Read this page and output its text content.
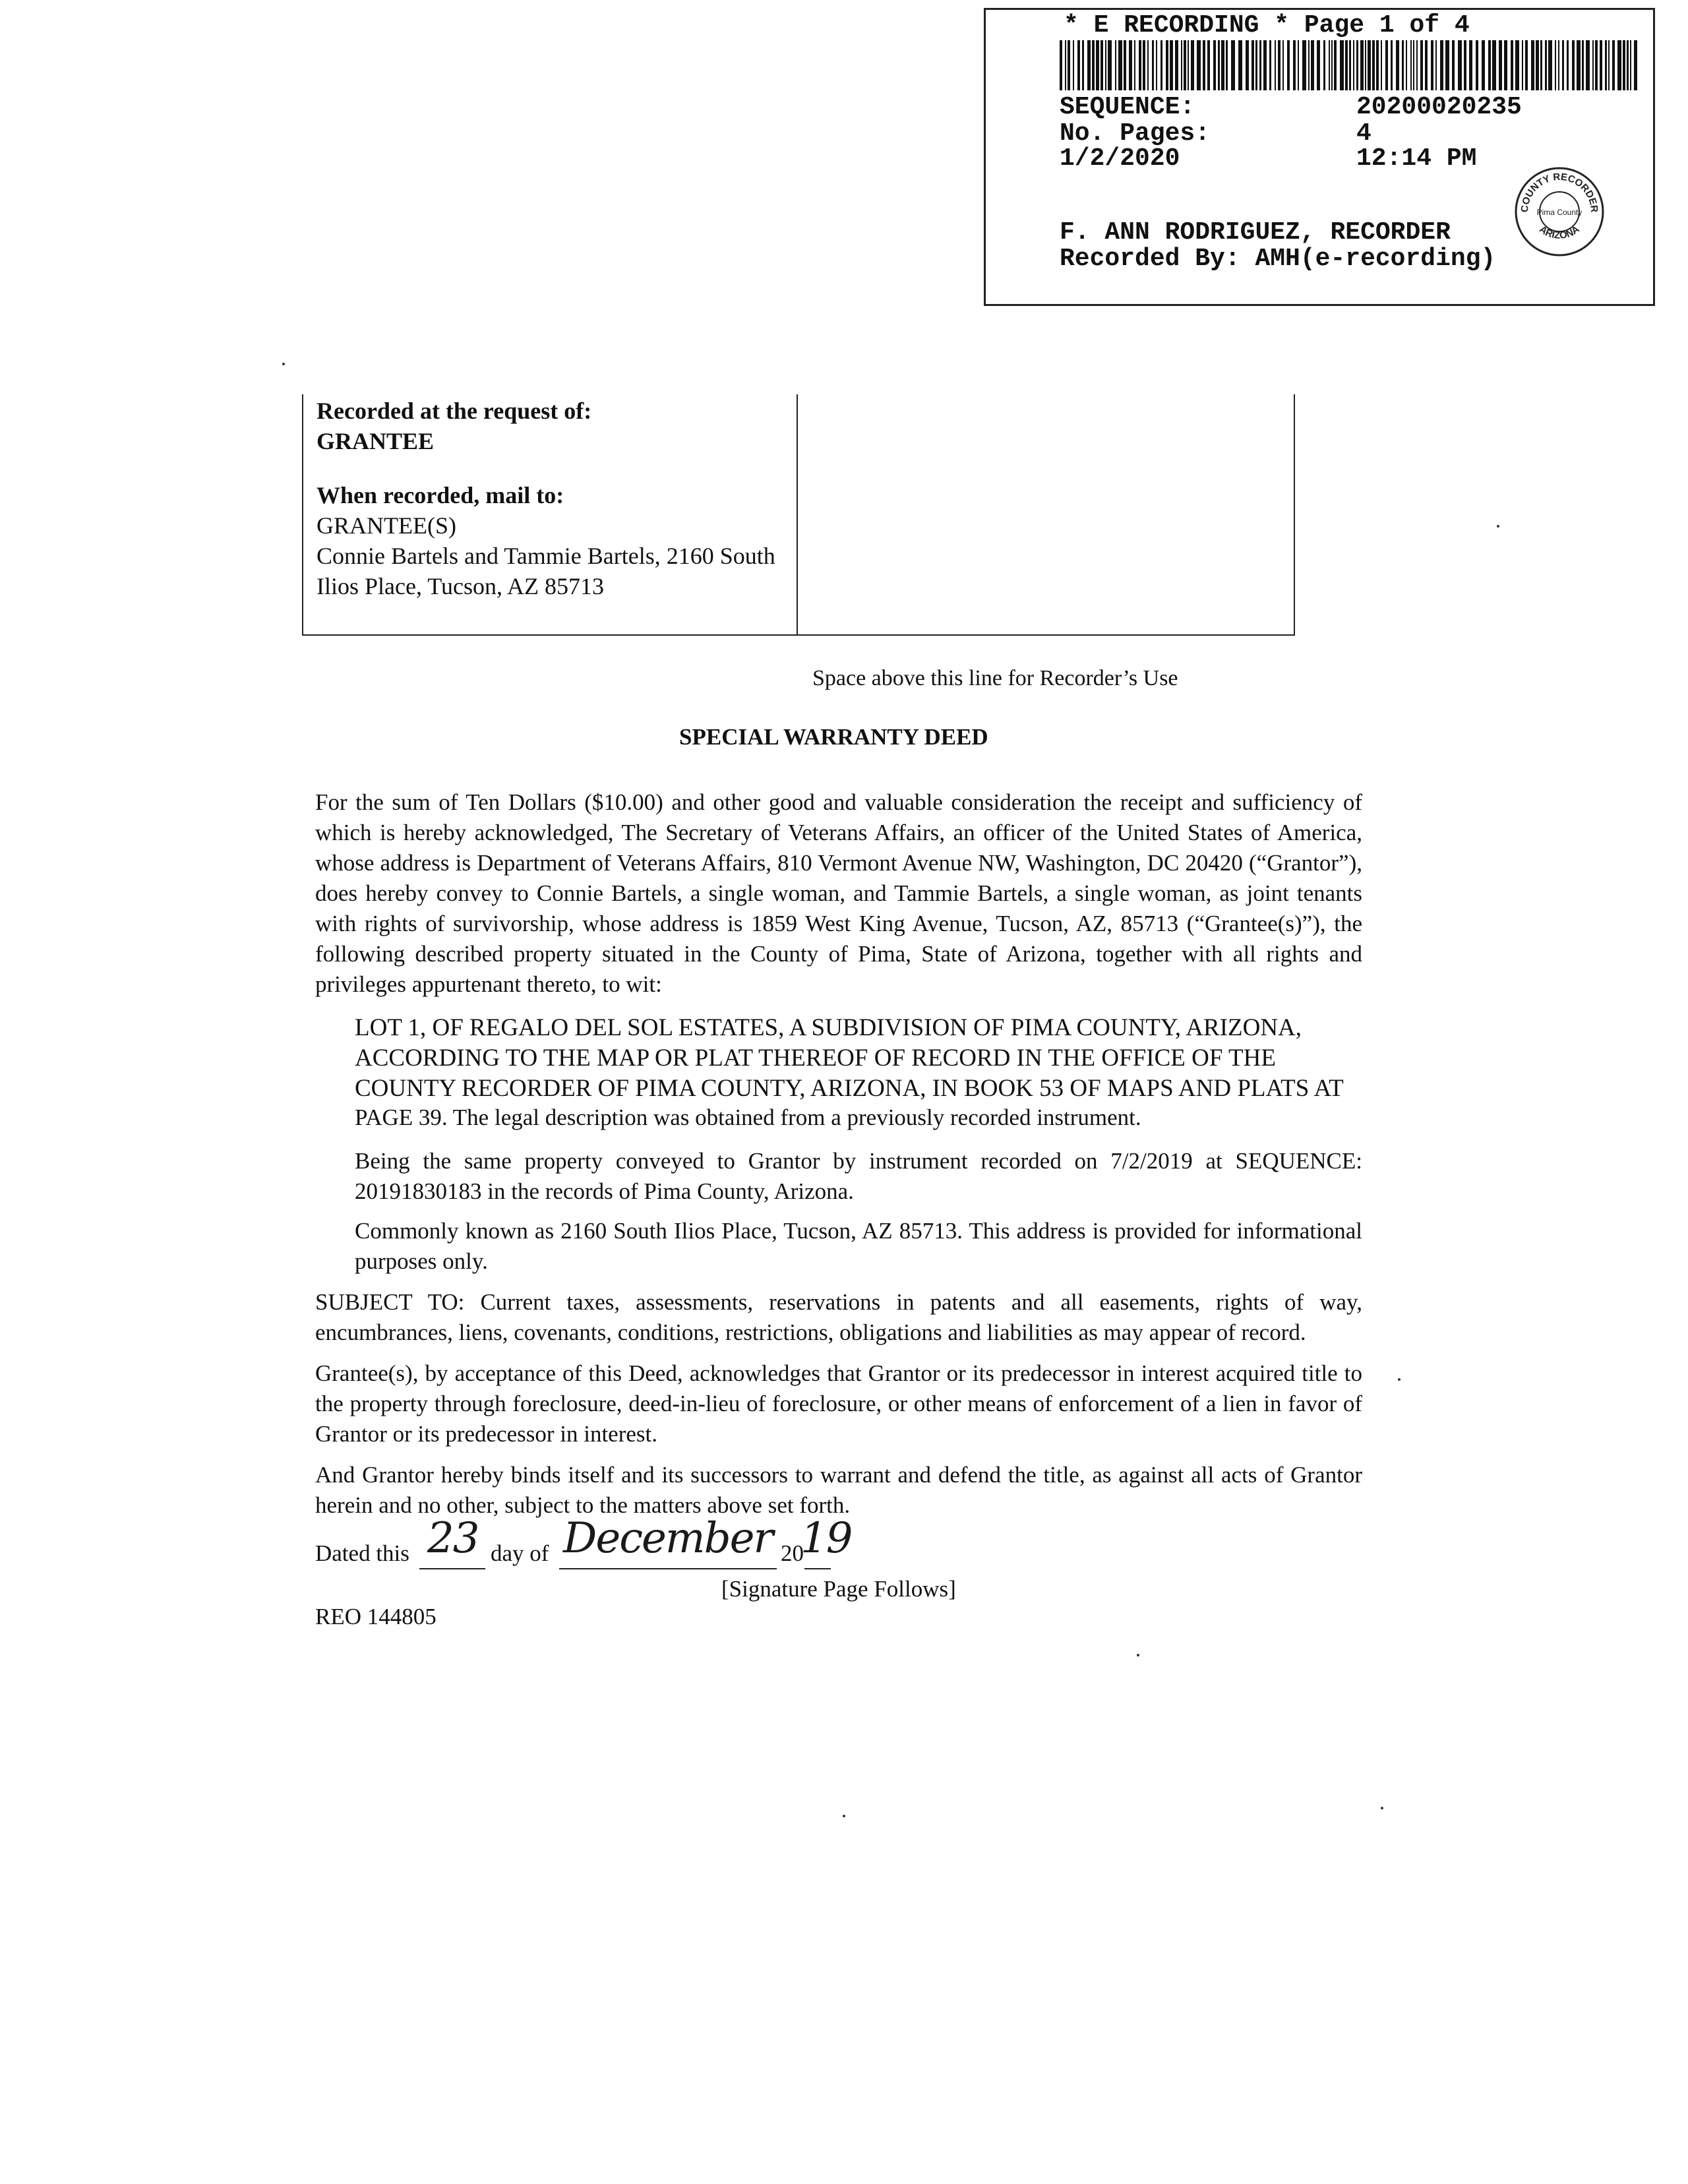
* E RECORDING * Page 1 of 4
SEQUENCE:	20200020235
No. Pages:	4
1/2/2020	12:14 PM
F. ANN RODRIGUEZ, RECORDER
Recorded By: AMH(e-recording)
COUNTY RECORDER
ARIZONA
Pima County
Recorded at the request of:
GRANTEE
When recorded, mail to:
GRANTEE(S)
Connie Bartels and Tammie Bartels, 2160 South
Ilios Place, Tucson, AZ 85713
Space above this line for Recorder’s Use
SPECIAL WARRANTY DEED
For the sum of Ten Dollars ($10.00) and other good and valuable consideration the receipt and sufficiency of which is hereby acknowledged, The Secretary of Veterans Affairs, an officer of the United States of America, whose address is Department of Veterans Affairs, 810 Vermont Avenue NW, Washington, DC 20420 (“Grantor”), does hereby convey to Connie Bartels, a single woman, and Tammie Bartels, a single woman, as joint tenants with rights of survivorship, whose address is 1859 West King Avenue, Tucson, AZ, 85713 (“Grantee(s)”), the following described property situated in the County of Pima, State of Arizona, together with all rights and privileges appurtenant thereto, to wit:
LOT 1, OF REGALO DEL SOL ESTATES, A SUBDIVISION OF PIMA COUNTY, ARIZONA,
ACCORDING TO THE MAP OR PLAT THEREOF OF RECORD IN THE OFFICE OF THE
COUNTY RECORDER OF PIMA COUNTY, ARIZONA, IN BOOK 53 OF MAPS AND PLATS AT
PAGE 39. The legal description was obtained from a previously recorded instrument.
Being the same property conveyed to Grantor by instrument recorded on 7/2/2019 at SEQUENCE: 20191830183 in the records of Pima County, Arizona.
Commonly known as 2160 South Ilios Place, Tucson, AZ 85713. This address is provided for informational purposes only.
SUBJECT TO: Current taxes, assessments, reservations in patents and all easements, rights of way, encumbrances, liens, covenants, conditions, restrictions, obligations and liabilities as may appear of record.
Grantee(s), by acceptance of this Deed, acknowledges that Grantor or its predecessor in interest acquired title to the property through foreclosure, deed-in-lieu of foreclosure, or other means of enforcement of a lien in favor of Grantor or its predecessor in interest.
And Grantor hereby binds itself and its successors to warrant and defend the title, as against all acts of Grantor herein and no other, subject to the matters above set forth.
Dated this 23 day of December 20
19
[Signature Page Follows]
REO 144805
